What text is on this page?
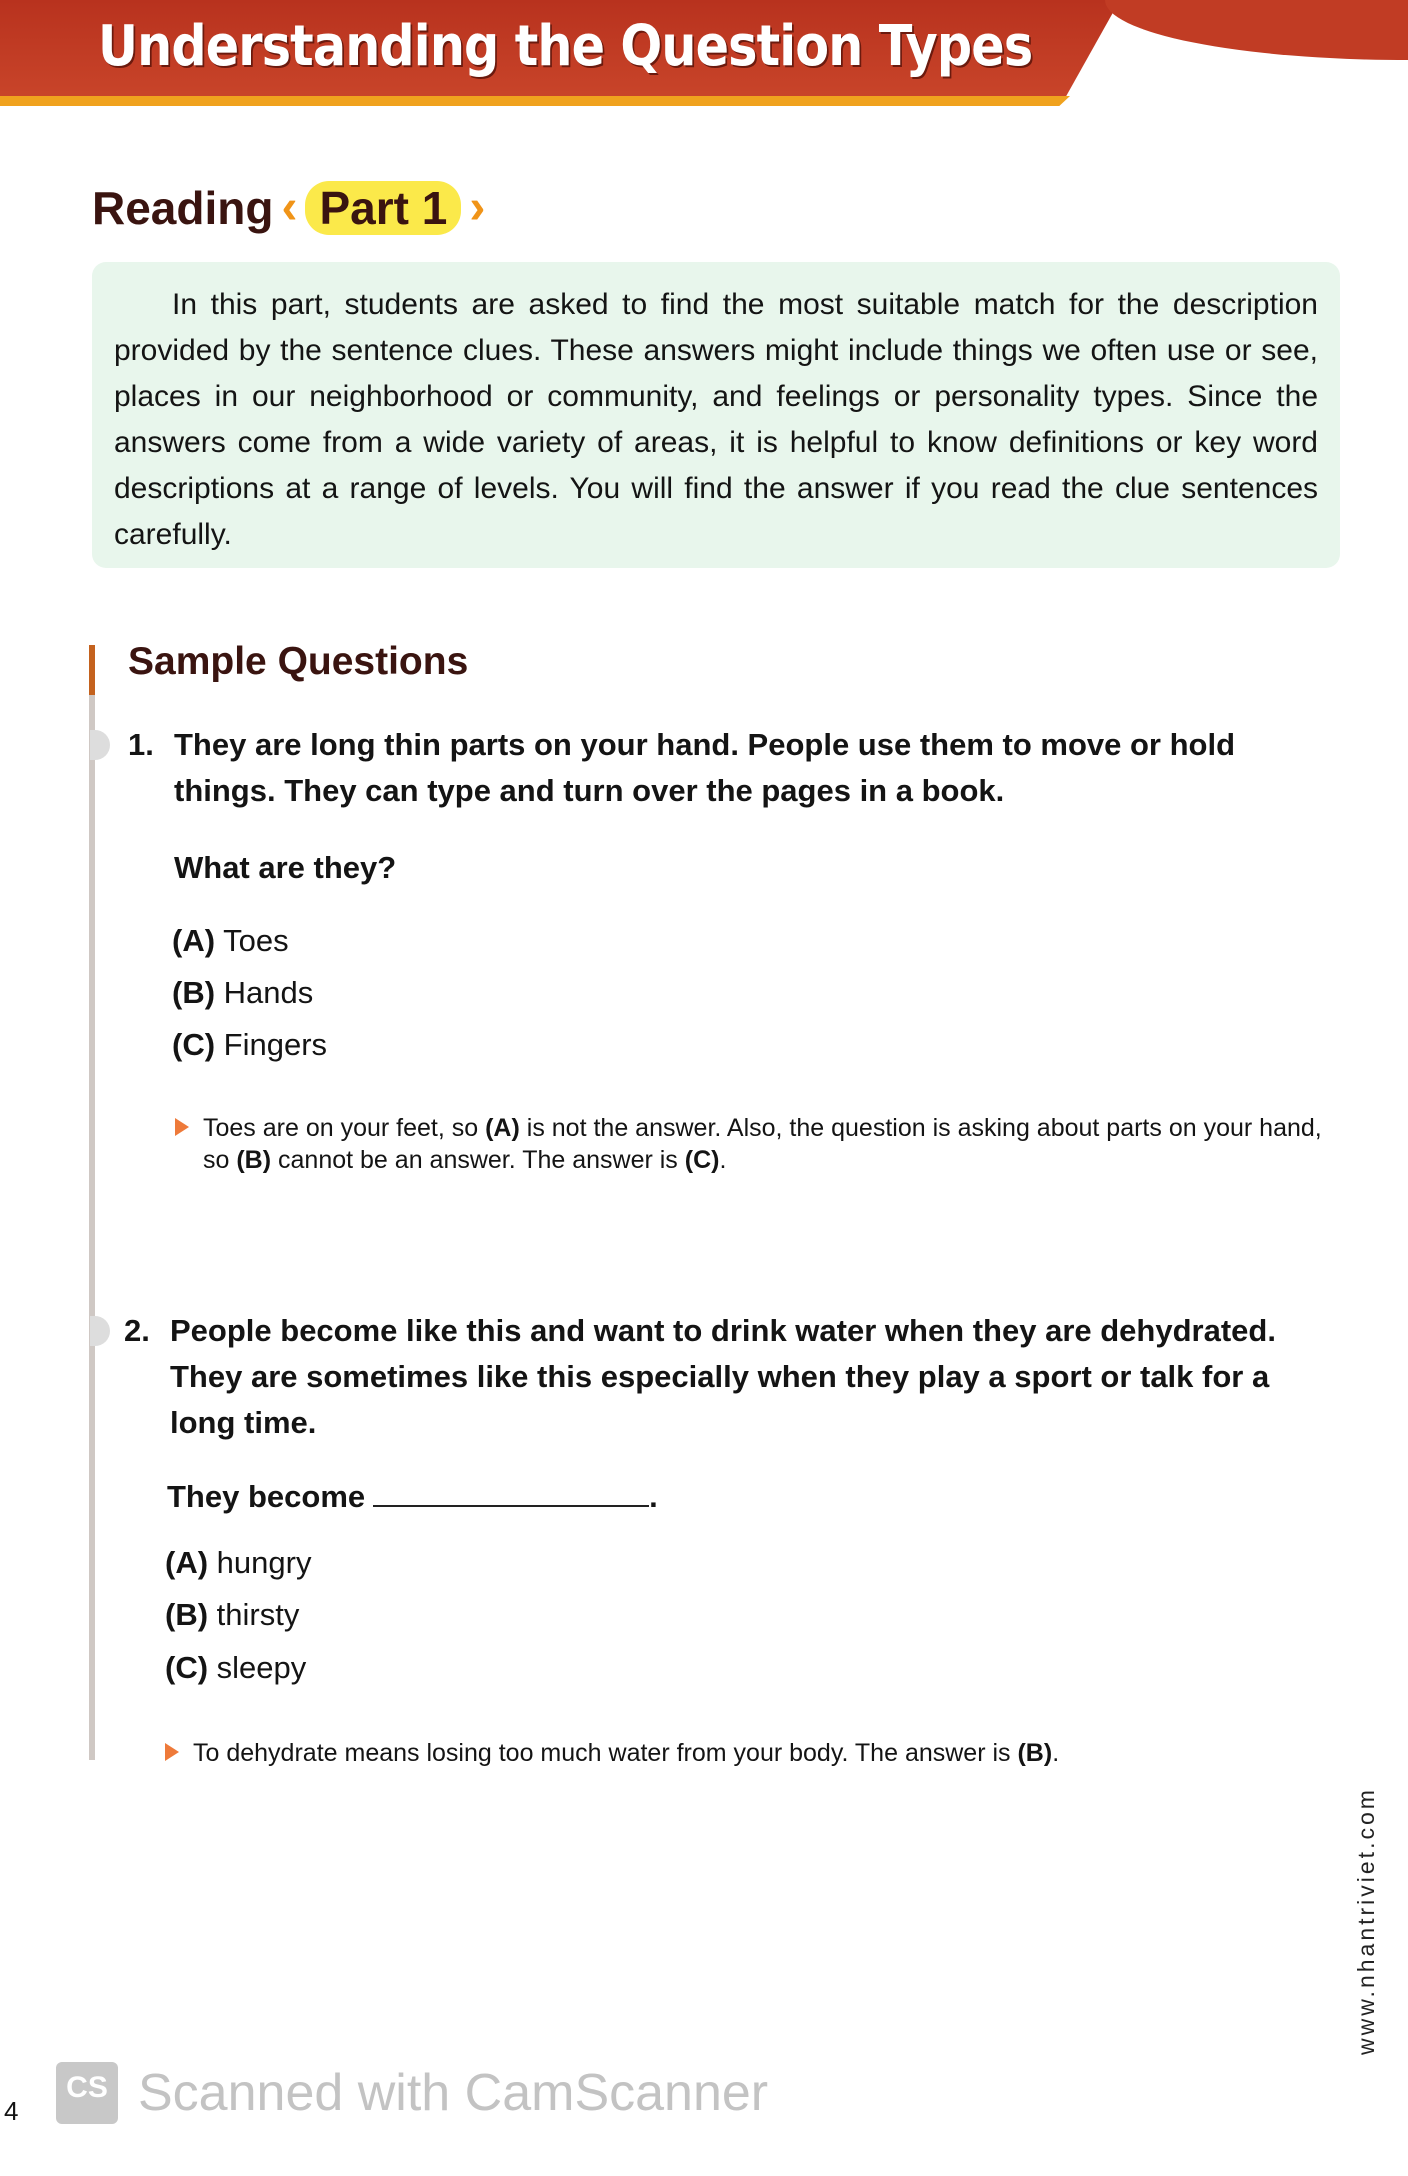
Understanding the Question Types
Reading ‹ Part 1 ›

In this part, students are asked to find the most suitable match for the description provided by the sentence clues. These answers might include things we often use or see, places in our neighborhood or community, and feelings or personality types. Since the answers come from a wide variety of areas, it is helpful to know definitions or key word descriptions at a range of levels. You will find the answer if you read the clue sentences carefully.

Sample Questions
1. They are long thin parts on your hand. People use them to move or hold things. They can type and turn over the pages in a book.
What are they?
(A) Toes
(B) Hands
(C) Fingers
Toes are on your feet, so (A) is not the answer. Also, the question is asking about parts on your hand, so (B) cannot be an answer. The answer is (C).
2. People become like this and want to drink water when they are dehydrated. They are sometimes like this especially when they play a sport or talk for a long time.
They become	.
(A) hungry
(B) thirsty
(C) sleepy
To dehydrate means losing too much water from your body. The answer is (B).
www.nhantriviet.com
CS Scanned with CamScanner
4
